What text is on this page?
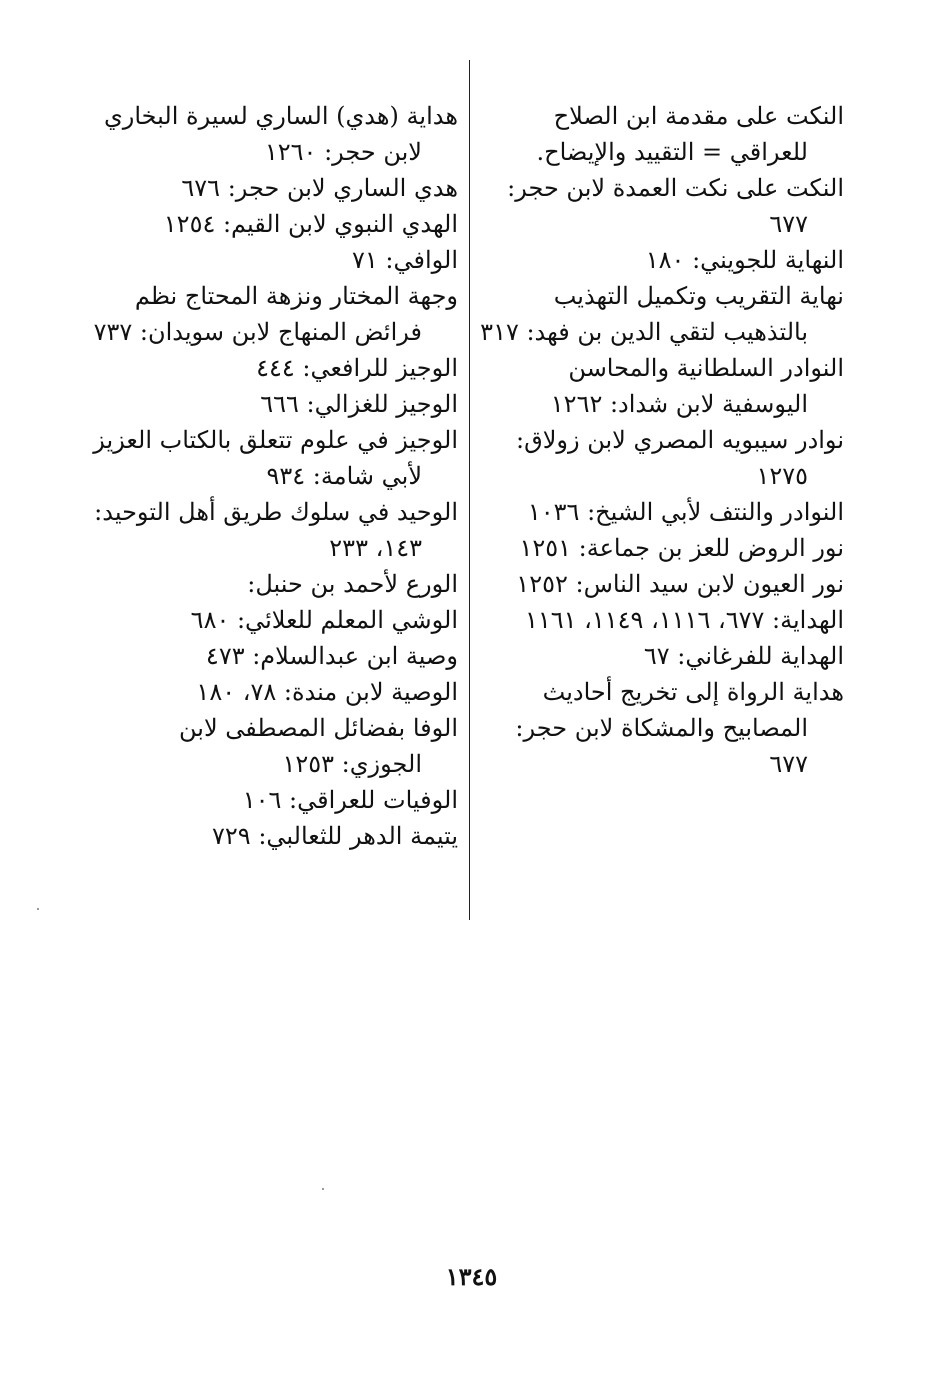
النكت على مقدمة ابن الصلاح للعراقي = التقييد والإيضاح.

النكت على نكت العمدة لابن حجر: ٦٧٧

النهاية للجويني: ١٨٠

نهاية التقريب وتكميل التهذيب بالتذهيب لتقي الدين بن فهد: ٣١٧

النوادر السلطانية والمحاسن اليوسفية لابن شداد: ١٢٦٢

نوادر سيبويه المصري لابن زولاق: ١٢٧٥

النوادر والنتف لأبي الشيخ: ١٠٣٦

نور الروض للعز بن جماعة: ١٢٥١

نور العيون لابن سيد الناس: ١٢٥٢

الهداية: ٦٧٧، ١١١٦، ١١٤٩، ١١٦١

الهداية للفرغاني: ٦٧

هداية الرواة إلى تخريج أحاديث المصابيح والمشكاة لابن حجر: ٦٧٧

هداية (هدي) الساري لسيرة البخاري لابن حجر: ١٢٦٠

هدي الساري لابن حجر: ٦٧٦

الهدي النبوي لابن القيم: ١٢٥٤

الوافي: ٧١

وجهة المختار ونزهة المحتاج نظم فرائض المنهاج لابن سويدان: ٧٣٧

الوجيز للرافعي: ٤٤٤

الوجيز للغزالي: ٦٦٦

الوجيز في علوم تتعلق بالكتاب العزيز لأبي شامة: ٩٣٤

الوحيد في سلوك طريق أهل التوحيد: ١٤٣، ٢٣٣

الورع لأحمد بن حنبل:

الوشي المعلم للعلائي: ٦٨٠

وصية ابن عبدالسلام: ٤٧٣

الوصية لابن مندة: ٧٨، ١٨٠

الوفا بفضائل المصطفى لابن الجوزي: ١٢٥٣

الوفيات للعراقي: ١٠٦

يتيمة الدهر للثعالبي: ٧٢٩

١٣٤٥
